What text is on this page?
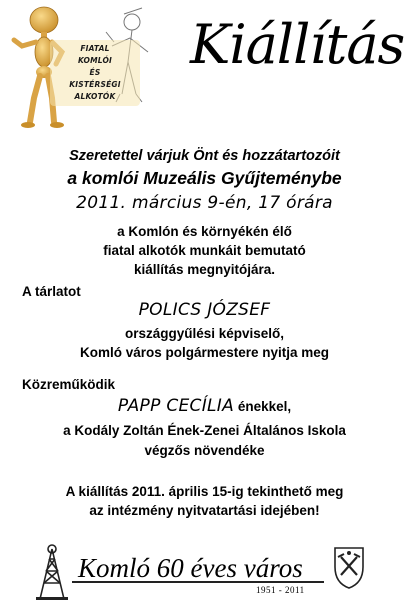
FIATAL
KOMLÓI
ÉS
KISTÉRSÉGI
ALKOTÓK
Kiállítás
Szeretettel várjuk Önt és hozzátartozóit
a komlói Muzeális Gyűjteménybe
2011. március 9-én, 17 órára
a Komlón és környékén élő
fiatal alkotók munkáit bemutató
kiállítás megnyitójára.
A tárlatot
POLICS JÓZSEF
országgyűlési képviselő,
Komló város polgármestere nyitja meg
Közreműködik
PAPP CECÍLIA énekkel,
a Kodály Zoltán Ének-Zenei Általános Iskola
végzős növendéke
A kiállítás 2011. április 15-ig tekinthető meg
az intézmény nyitvatartási idejében!
Komló 60 éves város
1951 - 2011
